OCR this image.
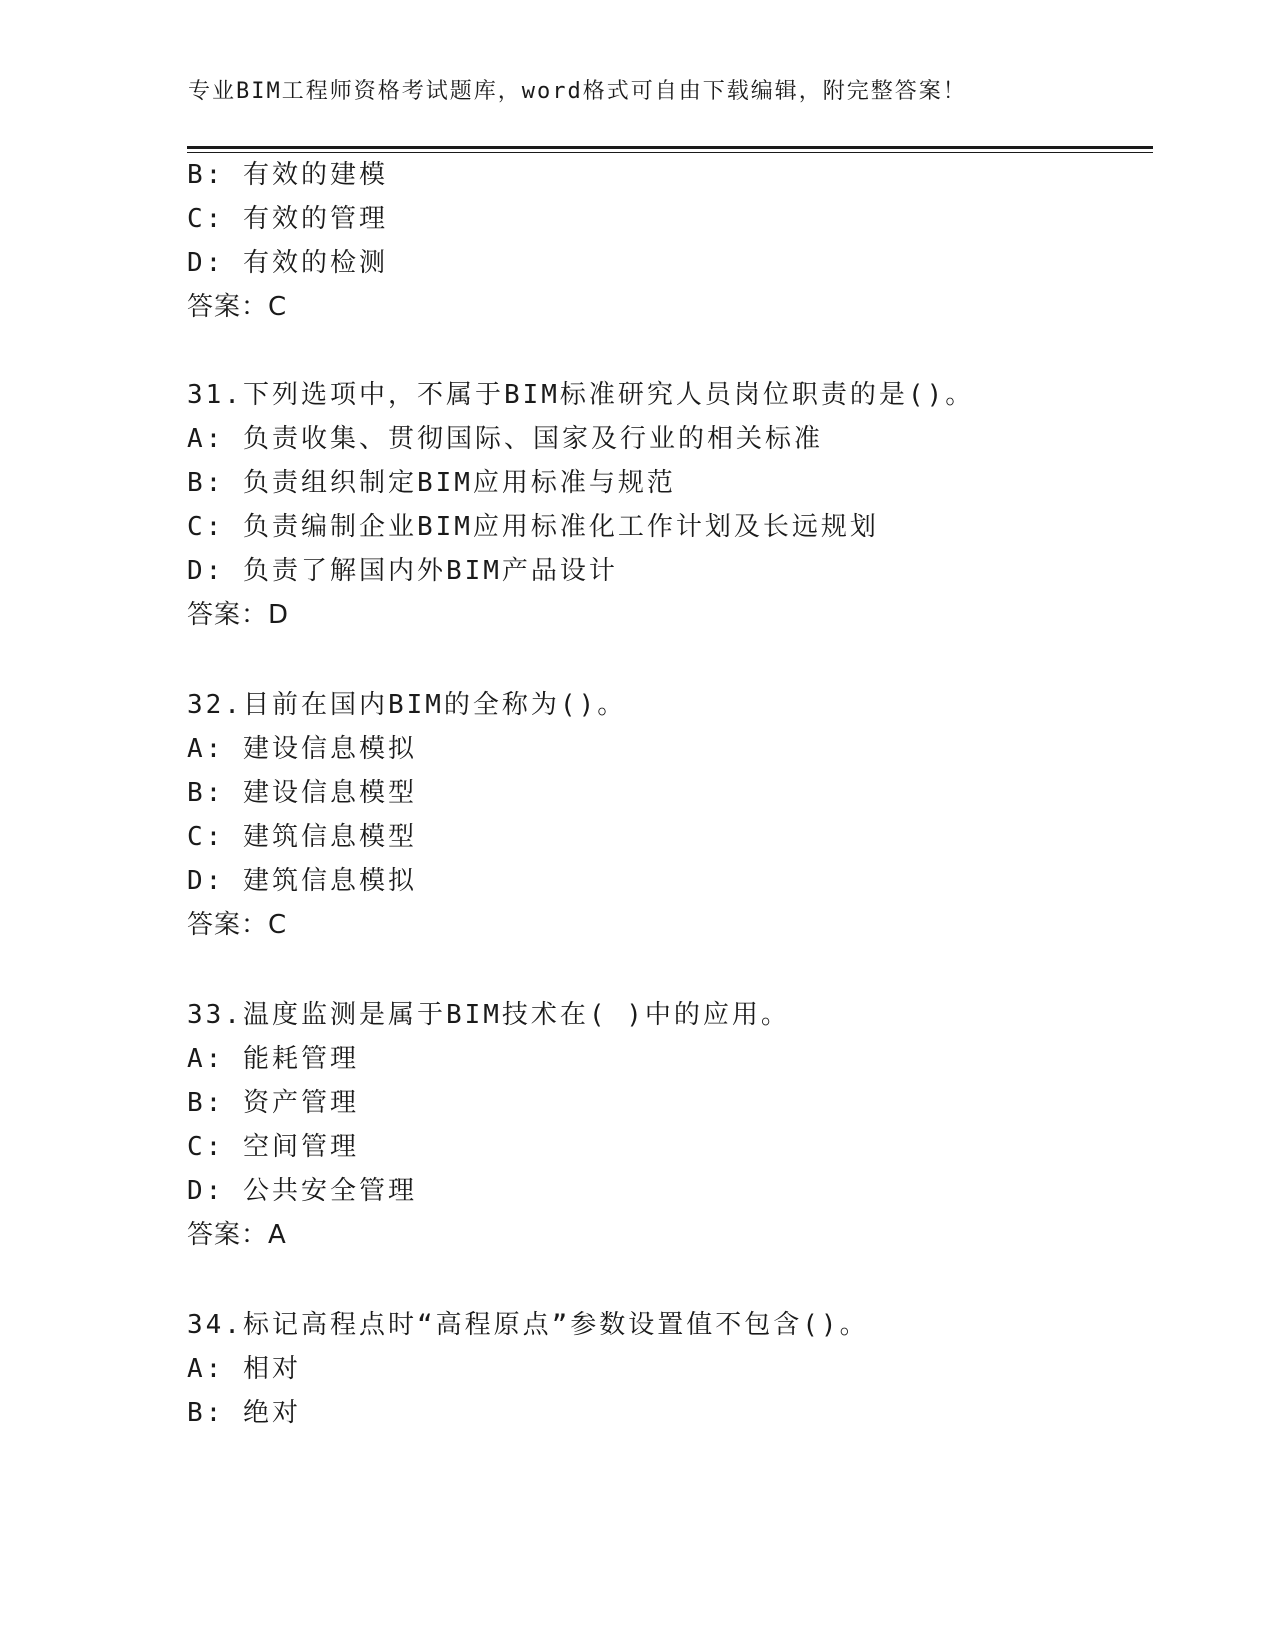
专业BIM工程师资格考试题库，word格式可自由下载编辑，附完整答案！
B: 有效的建模
C: 有效的管理
D: 有效的检测
答案：C
31.下列选项中，不属于BIM标准研究人员岗位职责的是()。
A: 负责收集、贯彻国际、国家及行业的相关标准
B: 负责组织制定BIM应用标准与规范
C: 负责编制企业BIM应用标准化工作计划及长远规划
D: 负责了解国内外BIM产品设计
答案：D
32.目前在国内BIM的全称为()。
A: 建设信息模拟
B: 建设信息模型
C: 建筑信息模型
D: 建筑信息模拟
答案：C
33.温度监测是属于BIM技术在( )中的应用。
A: 能耗管理
B: 资产管理
C: 空间管理
D: 公共安全管理
答案：A
34.标记高程点时“高程原点”参数设置值不包含()。
A: 相对
B: 绝对
